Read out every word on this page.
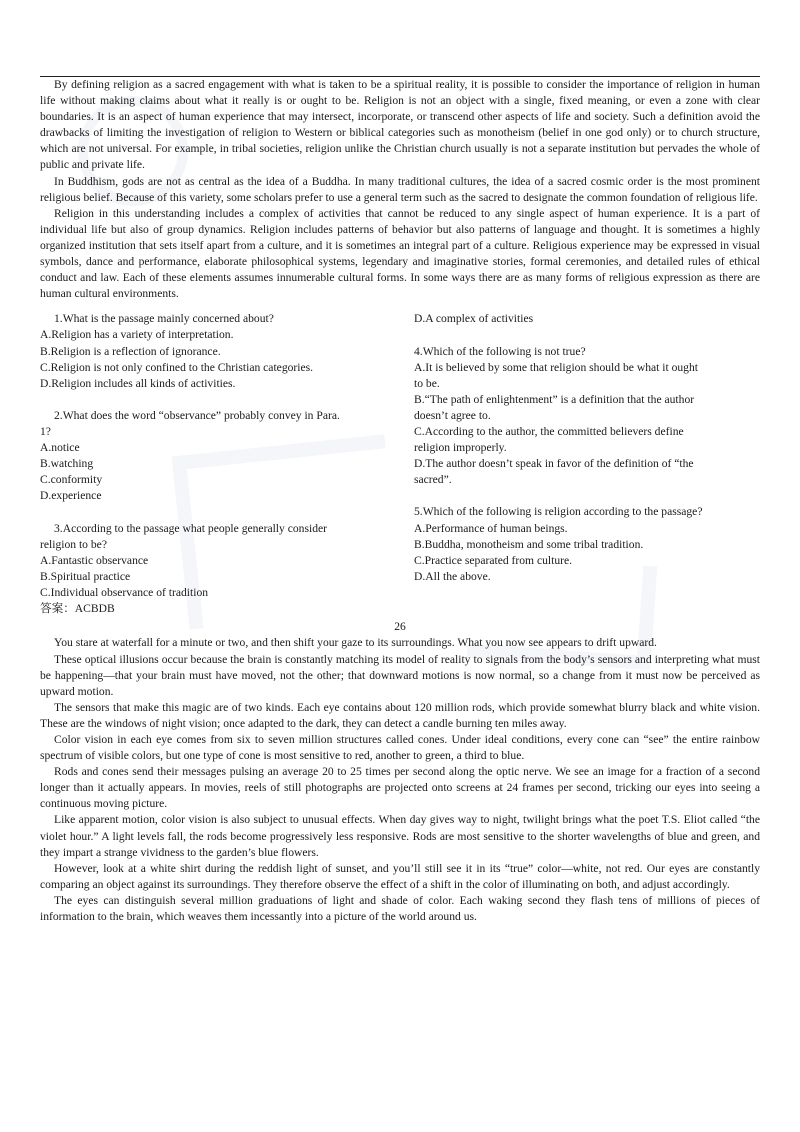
By defining religion as a sacred engagement with what is taken to be a spiritual reality, it is possible to consider the importance of religion in human life without making claims about what it really is or ought to be. Religion is not an object with a single, fixed meaning, or even a zone with clear boundaries. It is an aspect of human experience that may intersect, incorporate, or transcend other aspects of life and society. Such a definition avoid the drawbacks of limiting the investigation of religion to Western or biblical categories such as monotheism (belief in one god only) or to church structure, which are not universal. For example, in tribal societies, religion unlike the Christian church usually is not a separate institution but pervades the whole of public and private life.

In Buddhism, gods are not as central as the idea of a Buddha. In many traditional cultures, the idea of a sacred cosmic order is the most prominent religious belief. Because of this variety, some scholars prefer to use a general term such as the sacred to designate the common foundation of religious life.

Religion in this understanding includes a complex of activities that cannot be reduced to any single aspect of human experience. It is a part of individual life but also of group dynamics. Religion includes patterns of behavior but also patterns of language and thought. It is sometimes a highly organized institution that sets itself apart from a culture, and it is sometimes an integral part of a culture. Religious experience may be expressed in visual symbols, dance and performance, elaborate philosophical systems, legendary and imaginative stories, formal ceremonies, and detailed rules of ethical conduct and law. Each of these elements assumes innumerable cultural forms. In some ways there are as many forms of religious expression as there are human cultural environments.

1.What is the passage mainly concerned about?

A.Religion has a variety of interpretation.

B.Religion is a reflection of ignorance.

C.Religion is not only confined to the Christian categories.

D.Religion includes all kinds of activities.

2.What does the word “observance” probably convey in Para.

1?

A.notice

B.watching

C.conformity

D.experience

3.According to the passage what people generally consider

religion to be?

A.Fantastic observance

B.Spiritual practice

C.Individual observance of tradition

答案：ACBDB

D.A complex of activities

4.Which of the following is not true?

A.It is believed by some that religion should be what it ought

to be.

B.“The path of enlightenment” is a definition that the author

doesn’t agree to.

C.According to the author, the committed believers define

religion improperly.

D.The author doesn’t speak in favor of the definition of “the

sacred”.

5.Which of the following is religion according to the passage?

A.Performance of human beings.

B.Buddha, monotheism and some tribal tradition.

C.Practice separated from culture.

D.All the above.

26

You stare at waterfall for a minute or two, and then shift your gaze to its surroundings. What you now see appears to drift upward.

These optical illusions occur because the brain is constantly matching its model of reality to signals from the body’s sensors and interpreting what must be happening—that your brain must have moved, not the other; that downward motions is now normal, so a change from it must now be perceived as upward motion.

The sensors that make this magic are of two kinds. Each eye contains about 120 million rods, which provide somewhat blurry black and white vision. These are the windows of night vision; once adapted to the dark, they can detect a candle burning ten miles away.

Color vision in each eye comes from six to seven million structures called cones. Under ideal conditions, every cone can “see” the entire rainbow spectrum of visible colors, but one type of cone is most sensitive to red, another to green, a third to blue.

Rods and cones send their messages pulsing an average 20 to 25 times per second along the optic nerve. We see an image for a fraction of a second longer than it actually appears. In movies, reels of still photographs are projected onto screens at 24 frames per second, tricking our eyes into seeing a continuous moving picture.

Like apparent motion, color vision is also subject to unusual effects. When day gives way to night, twilight brings what the poet T.S. Eliot called “the violet hour.” A light levels fall, the rods become progressively less responsive. Rods are most sensitive to the shorter wavelengths of blue and green, and they impart a strange vividness to the garden’s blue flowers.

However, look at a white shirt during the reddish light of sunset, and you’ll still see it in its “true” color—white, not red. Our eyes are constantly comparing an object against its surroundings. They therefore observe the effect of a shift in the color of illuminating on both, and adjust accordingly.

The eyes can distinguish several million graduations of light and shade of color. Each waking second they flash tens of millions of pieces of information to the brain, which weaves them incessantly into a picture of the world around us.
